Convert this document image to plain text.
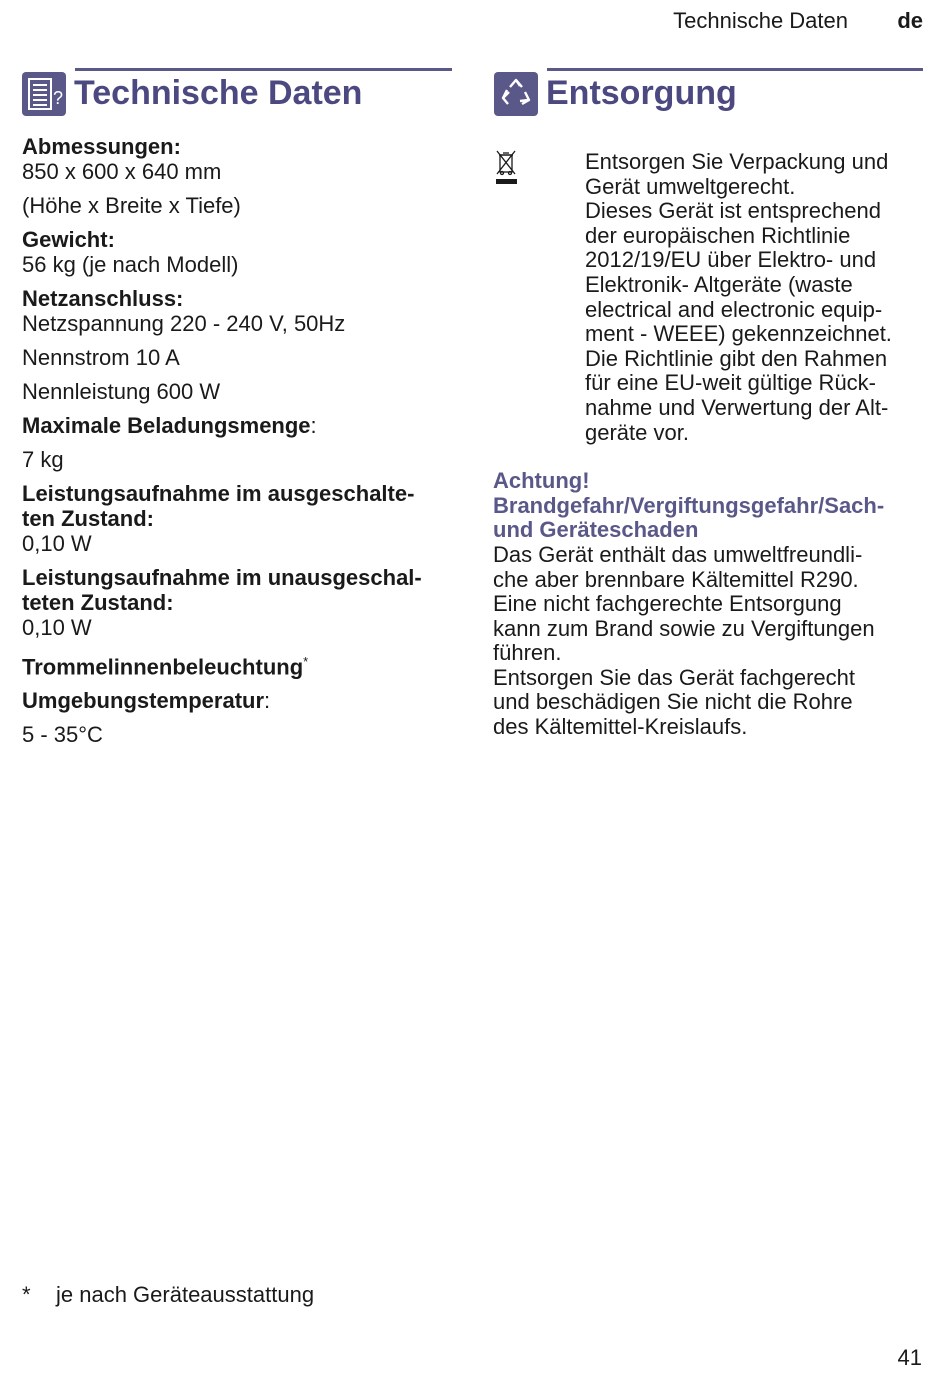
Technische Daten de
? Technische Daten	Entsorgung
Abmessungen:
850 x 600 x 640 mm
(Höhe x Breite x Tiefe)
Gewicht:
56 kg (je nach Modell)
Netzanschluss:
Netzspannung 220 - 240 V, 50Hz
Nennstrom 10 A
Nennleistung 600 W
Maximale Beladungsmenge:
7 kg
Leistungsaufnahme im ausgeschalte-
ten Zustand:
0,10 W
Leistungsaufnahme im unausgeschal-
teten Zustand:
0,10 W
Trommelinnenbeleuchtung*
Umgebungstemperatur:
5 - 35°C
Entsorgen Sie Verpackung und
Gerät umweltgerecht.
Dieses Gerät ist entsprechend
der europäischen Richtlinie
2012/19/EU über Elektro- und
Elektronik- Altgeräte (waste
electrical and electronic equip-
ment - WEEE) gekennzeichnet.
Die Richtlinie gibt den Rahmen
für eine EU-weit gültige Rück-
nahme und Verwertung der Alt-
geräte vor.
Achtung!
Brandgefahr/Vergiftungsgefahr/Sach-
und Geräteschaden
Das Gerät enthält das umweltfreundli-
che aber brennbare Kältemittel R290.
Eine nicht fachgerechte Entsorgung
kann zum Brand sowie zu Vergiftungen
führen.
Entsorgen Sie das Gerät fachgerecht
und beschädigen Sie nicht die Rohre
des Kältemittel-Kreislaufs.
* je nach Geräteausstattung
41
